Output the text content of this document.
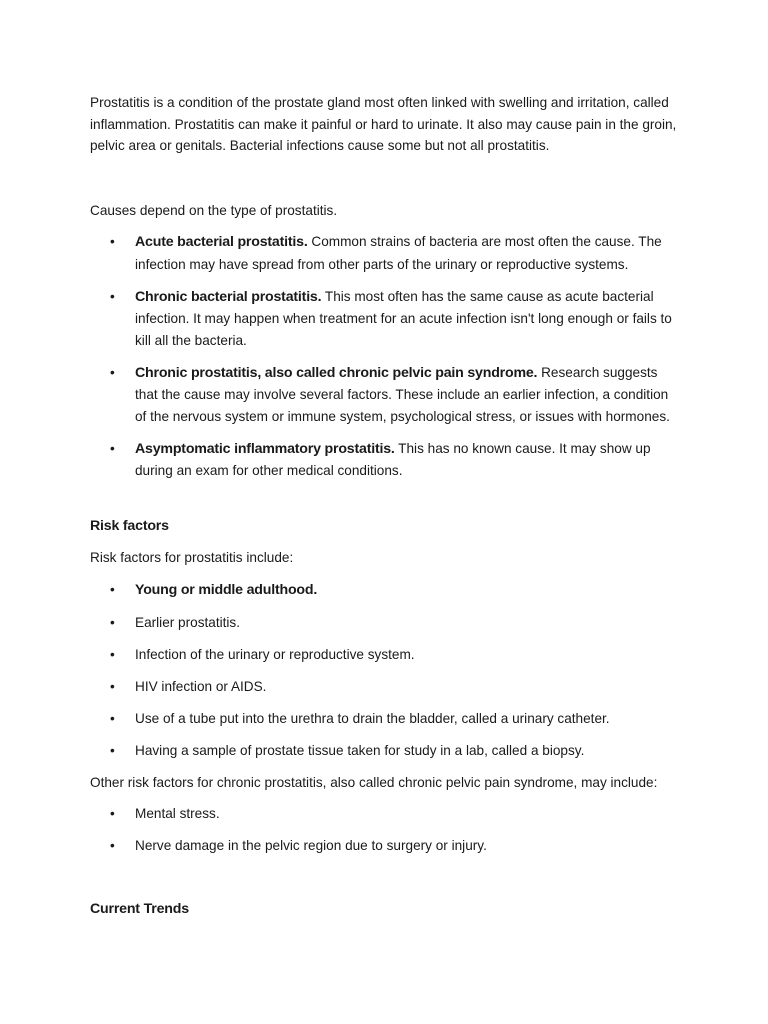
Prostatitis is a condition of the prostate gland most often linked with swelling and irritation, called inflammation. Prostatitis can make it painful or hard to urinate. It also may cause pain in the groin, pelvic area or genitals. Bacterial infections cause some but not all prostatitis.

Causes depend on the type of prostatitis.

• Acute bacterial prostatitis. Common strains of bacteria are most often the cause. The infection may have spread from other parts of the urinary or reproductive systems.
• Chronic bacterial prostatitis. This most often has the same cause as acute bacterial infection. It may happen when treatment for an acute infection isn't long enough or fails to kill all the bacteria.
• Chronic prostatitis, also called chronic pelvic pain syndrome. Research suggests that the cause may involve several factors. These include an earlier infection, a condition of the nervous system or immune system, psychological stress, or issues with hormones.
• Asymptomatic inflammatory prostatitis. This has no known cause. It may show up during an exam for other medical conditions.

Risk factors

Risk factors for prostatitis include:

• Young or middle adulthood.
• Earlier prostatitis.
• Infection of the urinary or reproductive system.
• HIV infection or AIDS.
• Use of a tube put into the urethra to drain the bladder, called a urinary catheter.
• Having a sample of prostate tissue taken for study in a lab, called a biopsy.

Other risk factors for chronic prostatitis, also called chronic pelvic pain syndrome, may include:

• Mental stress.
• Nerve damage in the pelvic region due to surgery or injury.

Current Trends
